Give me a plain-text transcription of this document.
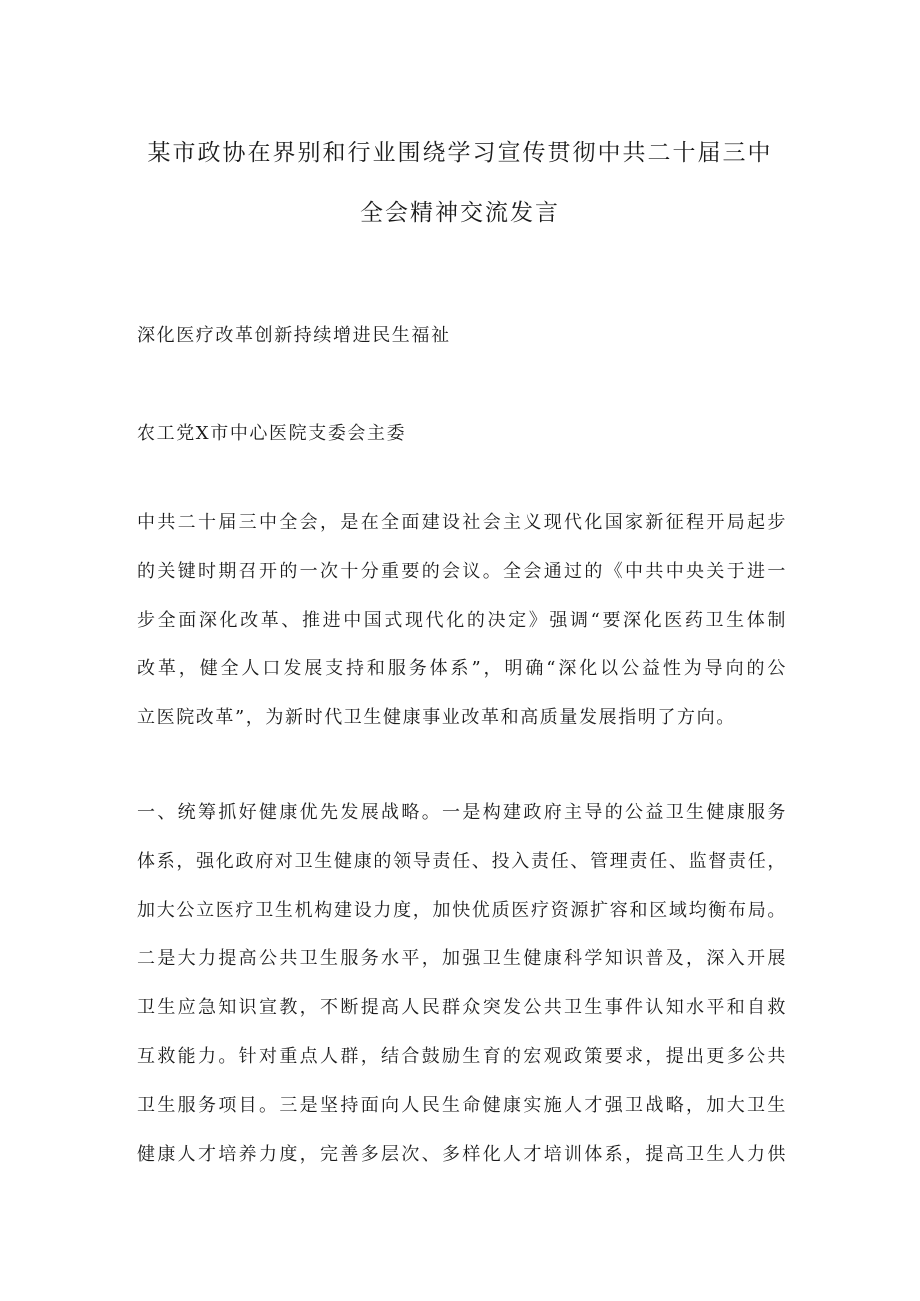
某市政协在界别和行业围绕学习宣传贯彻中共二十届三中
全会精神交流发言
深化医疗改革创新持续增进民生福祉
农工党X市中心医院支委会主委
中共二十届三中全会，是在全面建设社会主义现代化国家新征程开局起步
的关键时期召开的一次十分重要的会议。全会通过的《中共中央关于进一
步全面深化改革、推进中国式现代化的决定》强调“要深化医药卫生体制
改革，健全人口发展支持和服务体系”，明确“深化以公益性为导向的公
立医院改革”，为新时代卫生健康事业改革和高质量发展指明了方向。
一、统筹抓好健康优先发展战略。一是构建政府主导的公益卫生健康服务
体系，强化政府对卫生健康的领导责任、投入责任、管理责任、监督责任，
加大公立医疗卫生机构建设力度，加快优质医疗资源扩容和区域均衡布局。
二是大力提高公共卫生服务水平，加强卫生健康科学知识普及，深入开展
卫生应急知识宣教，不断提高人民群众突发公共卫生事件认知水平和自救
互救能力。针对重点人群，结合鼓励生育的宏观政策要求，提出更多公共
卫生服务项目。三是坚持面向人民生命健康实施人才强卫战略，加大卫生
健康人才培养力度，完善多层次、多样化人才培训体系，提高卫生人力供
